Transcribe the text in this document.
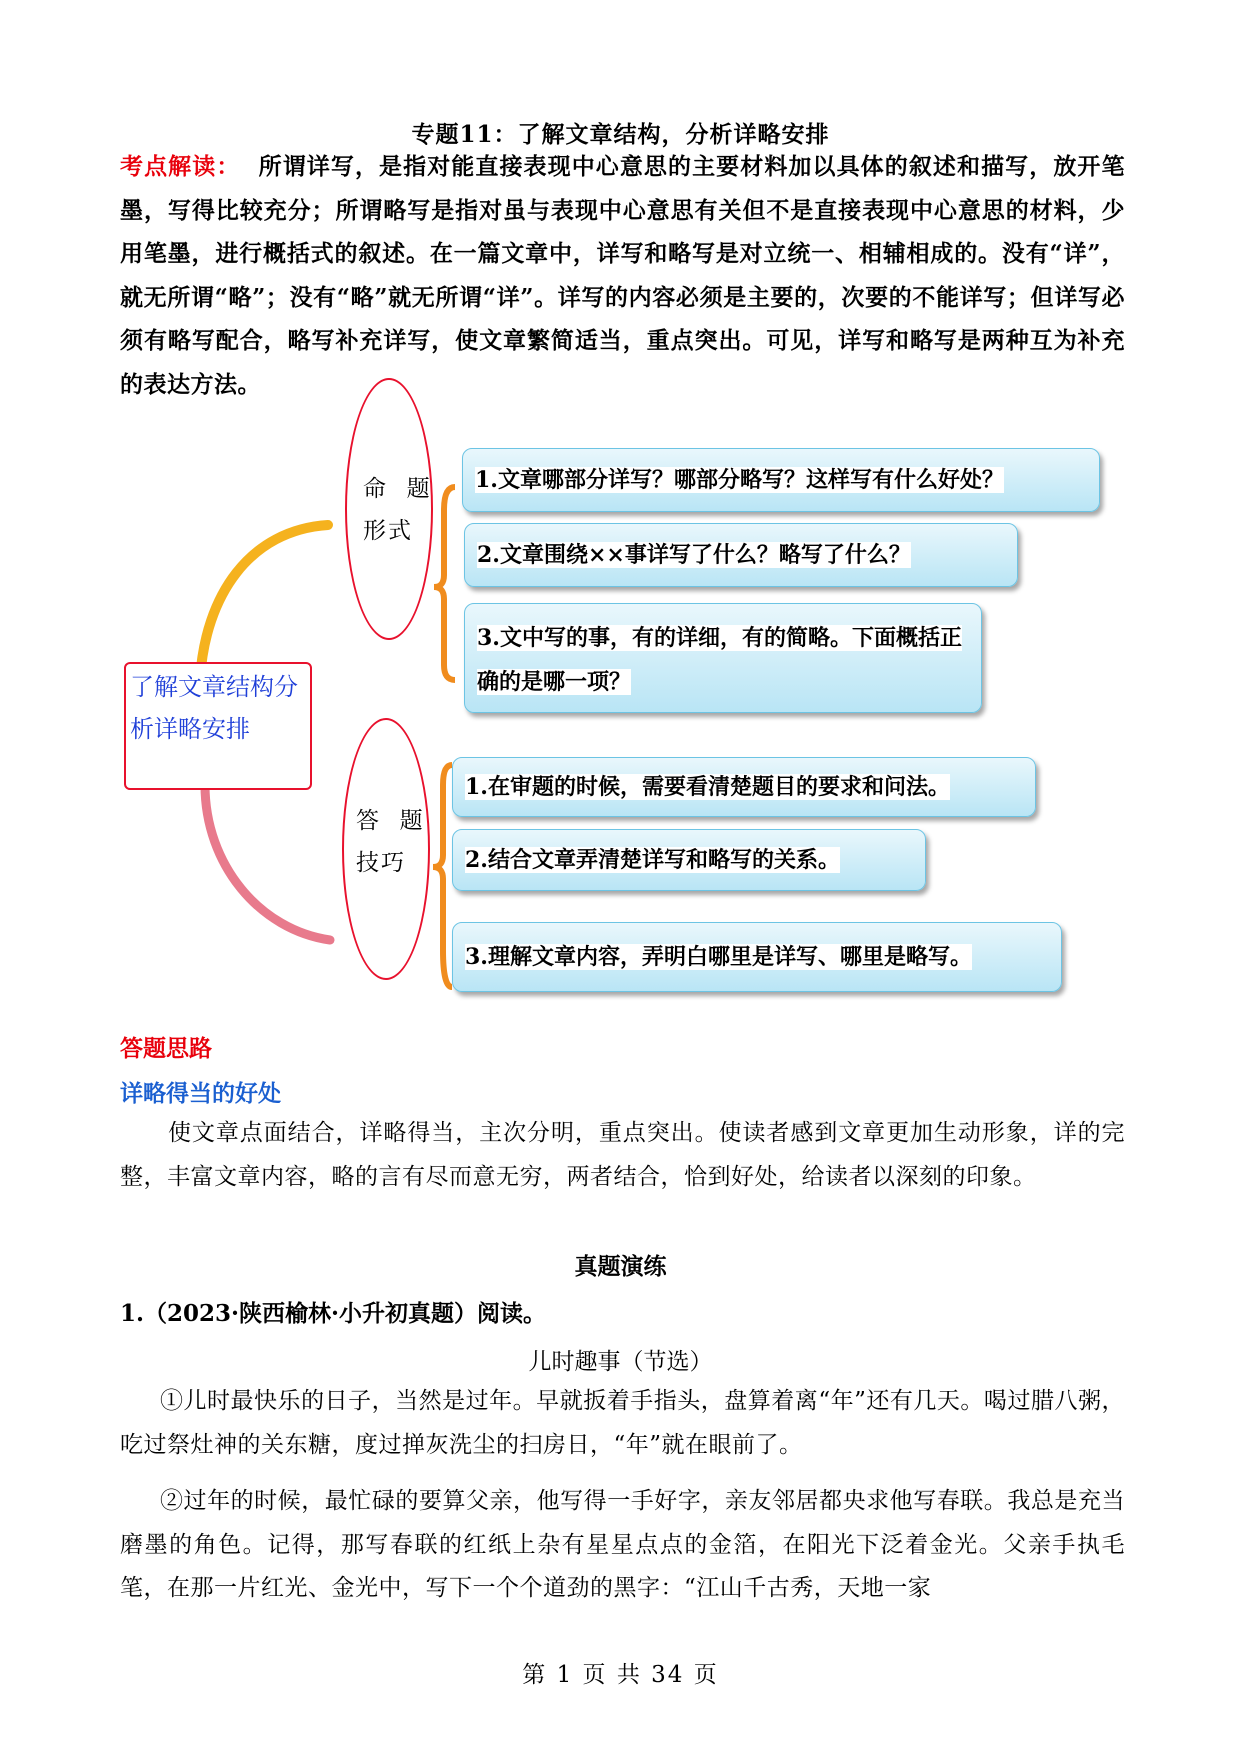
专题11：了解文章结构，分析详略安排
考点解读： 所谓详写，是指对能直接表现中心意思的主要材料加以具体的叙述和描写，放开笔墨，写得比较充分；所谓略写是指对虽与表现中心意思有关但不是直接表现中心意思的材料，少用笔墨，进行概括式的叙述。在一篇文章中，详写和略写是对立统一、相辅相成的。没有“详”，就无所谓“略”；没有“略”就无所谓“详”。详写的内容必须是主要的，次要的不能详写；但详写必须有略写配合，略写补充详写，使文章繁简适当，重点突出。可见，详写和略写是两种互为补充的表达方法。
了解文章结构分析详略安排
命  题
形式
答  题
技巧
1.文章哪部分详写？哪部分略写？这样写有什么好处？
2.文章围绕××事详写了什么？略写了什么？
3.文中写的事，有的详细，有的简略。下面概括正确的是哪一项？
1.在审题的时候，需要看清楚题目的要求和问法。
2.结合文章弄清楚详写和略写的关系。
3.理解文章内容，弄明白哪里是详写、哪里是略写。
答题思路
详略得当的好处
使文章点面结合，详略得当，主次分明，重点突出。使读者感到文章更加生动形象，详的完整，丰富文章内容，略的言有尽而意无穷，两者结合，恰到好处，给读者以深刻的印象。
真题演练
1.（2023·陕西榆林·小升初真题）阅读。
儿时趣事（节选）
①儿时最快乐的日子，当然是过年。早就扳着手指头，盘算着离“年”还有几天。喝过腊八粥，吃过祭灶神的关东糖，度过掸灰洗尘的扫房日，“年”就在眼前了。
②过年的时候，最忙碌的要算父亲，他写得一手好字，亲友邻居都央求他写春联。我总是充当磨墨的角色。记得，那写春联的红纸上杂有星星点点的金箔，在阳光下泛着金光。父亲手执毛笔，在那一片红光、金光中，写下一个个道劲的黑字：“江山千古秀，天地一家
第 1 页 共 34 页
